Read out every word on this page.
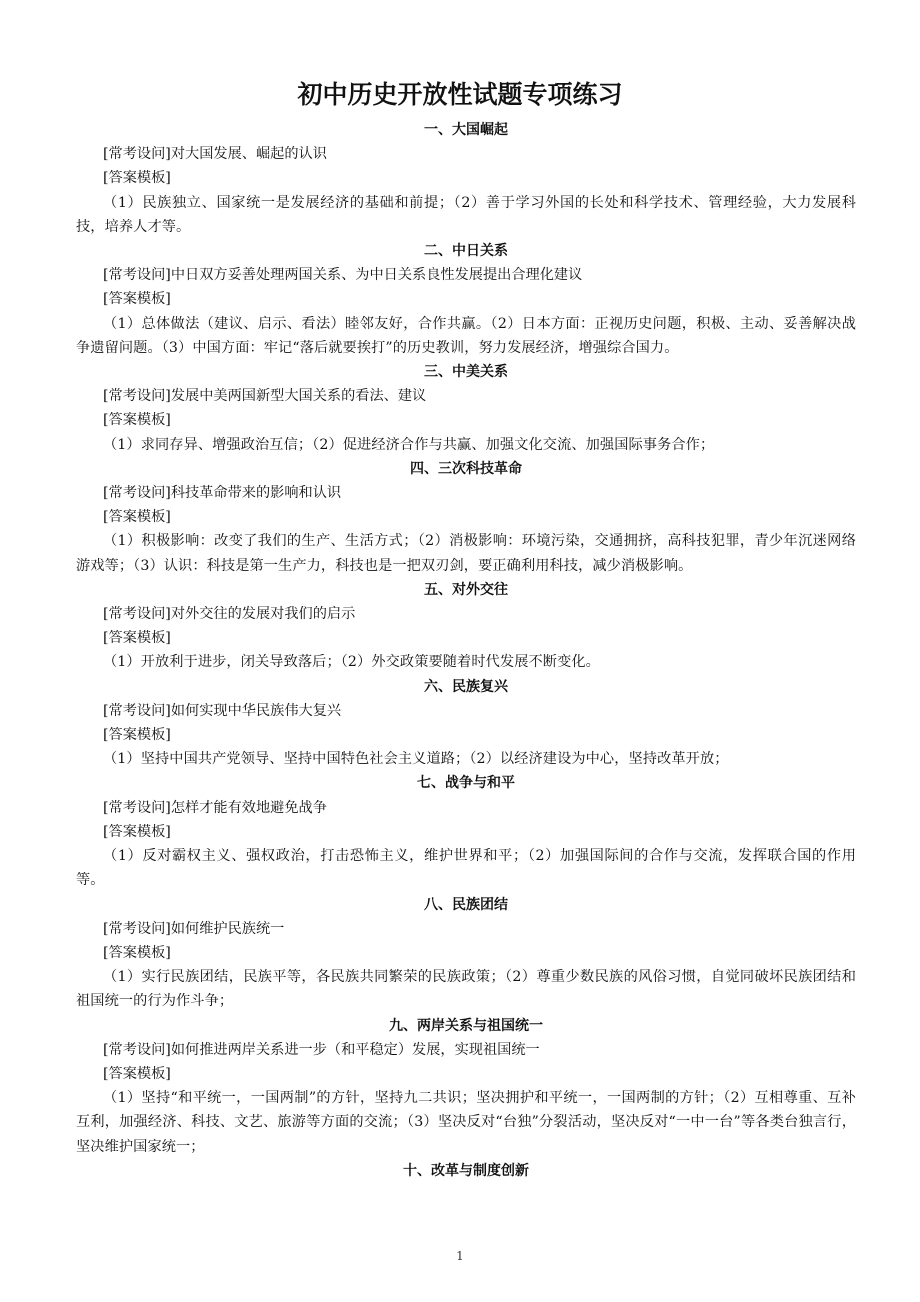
初中历史开放性试题专项练习
一、大国崛起

[常考设问]对大国发展、崛起的认识

[答案模板]

（1）民族独立、国家统一是发展经济的基础和前提；（2）善于学习外国的长处和科学技术、管理经验，大力发展科技，培养人才等。

二、中日关系

[常考设问]中日双方妥善处理两国关系、为中日关系良性发展提出合理化建议

[答案模板]

（1）总体做法（建议、启示、看法）睦邻友好，合作共赢。（2）日本方面：正视历史问题，积极、主动、妥善解决战争遗留问题。（3）中国方面：牢记“落后就要挨打”的历史教训，努力发展经济，增强综合国力。

三、中美关系

[常考设问]发展中美两国新型大国关系的看法、建议

[答案模板]

（1）求同存异、增强政治互信；（2）促进经济合作与共赢、加强文化交流、加强国际事务合作；

四、三次科技革命

[常考设问]科技革命带来的影响和认识

[答案模板]

（1）积极影响：改变了我们的生产、生活方式；（2）消极影响：环境污染，交通拥挤，高科技犯罪，青少年沉迷网络游戏等；（3）认识：科技是第一生产力，科技也是一把双刃剑，要正确利用科技，减少消极影响。

五、对外交往

[常考设问]对外交往的发展对我们的启示

[答案模板]

（1）开放利于进步，闭关导致落后；（2）外交政策要随着时代发展不断变化。

六、民族复兴

[常考设问]如何实现中华民族伟大复兴

[答案模板]

（1）坚持中国共产党领导、坚持中国特色社会主义道路；（2）以经济建设为中心，坚持改革开放；

七、战争与和平

[常考设问]怎样才能有效地避免战争

[答案模板]

（1）反对霸权主义、强权政治，打击恐怖主义，维护世界和平；（2）加强国际间的合作与交流，发挥联合国的作用等。

八、民族团结

[常考设问]如何维护民族统一

[答案模板]

（1）实行民族团结，民族平等，各民族共同繁荣的民族政策；（2）尊重少数民族的风俗习惯，自觉同破坏民族团结和祖国统一的行为作斗争；

九、两岸关系与祖国统一

[常考设问]如何推进两岸关系进一步（和平稳定）发展，实现祖国统一

[答案模板]

（1）坚持“和平统一，一国两制”的方针，坚持九二共识；坚决拥护和平统一，一国两制的方针；（2）互相尊重、互补互利，加强经济、科技、文艺、旅游等方面的交流；（3）坚决反对“台独”分裂活动，坚决反对“一中一台”等各类台独言行，坚决维护国家统一；

十、改革与制度创新
1
